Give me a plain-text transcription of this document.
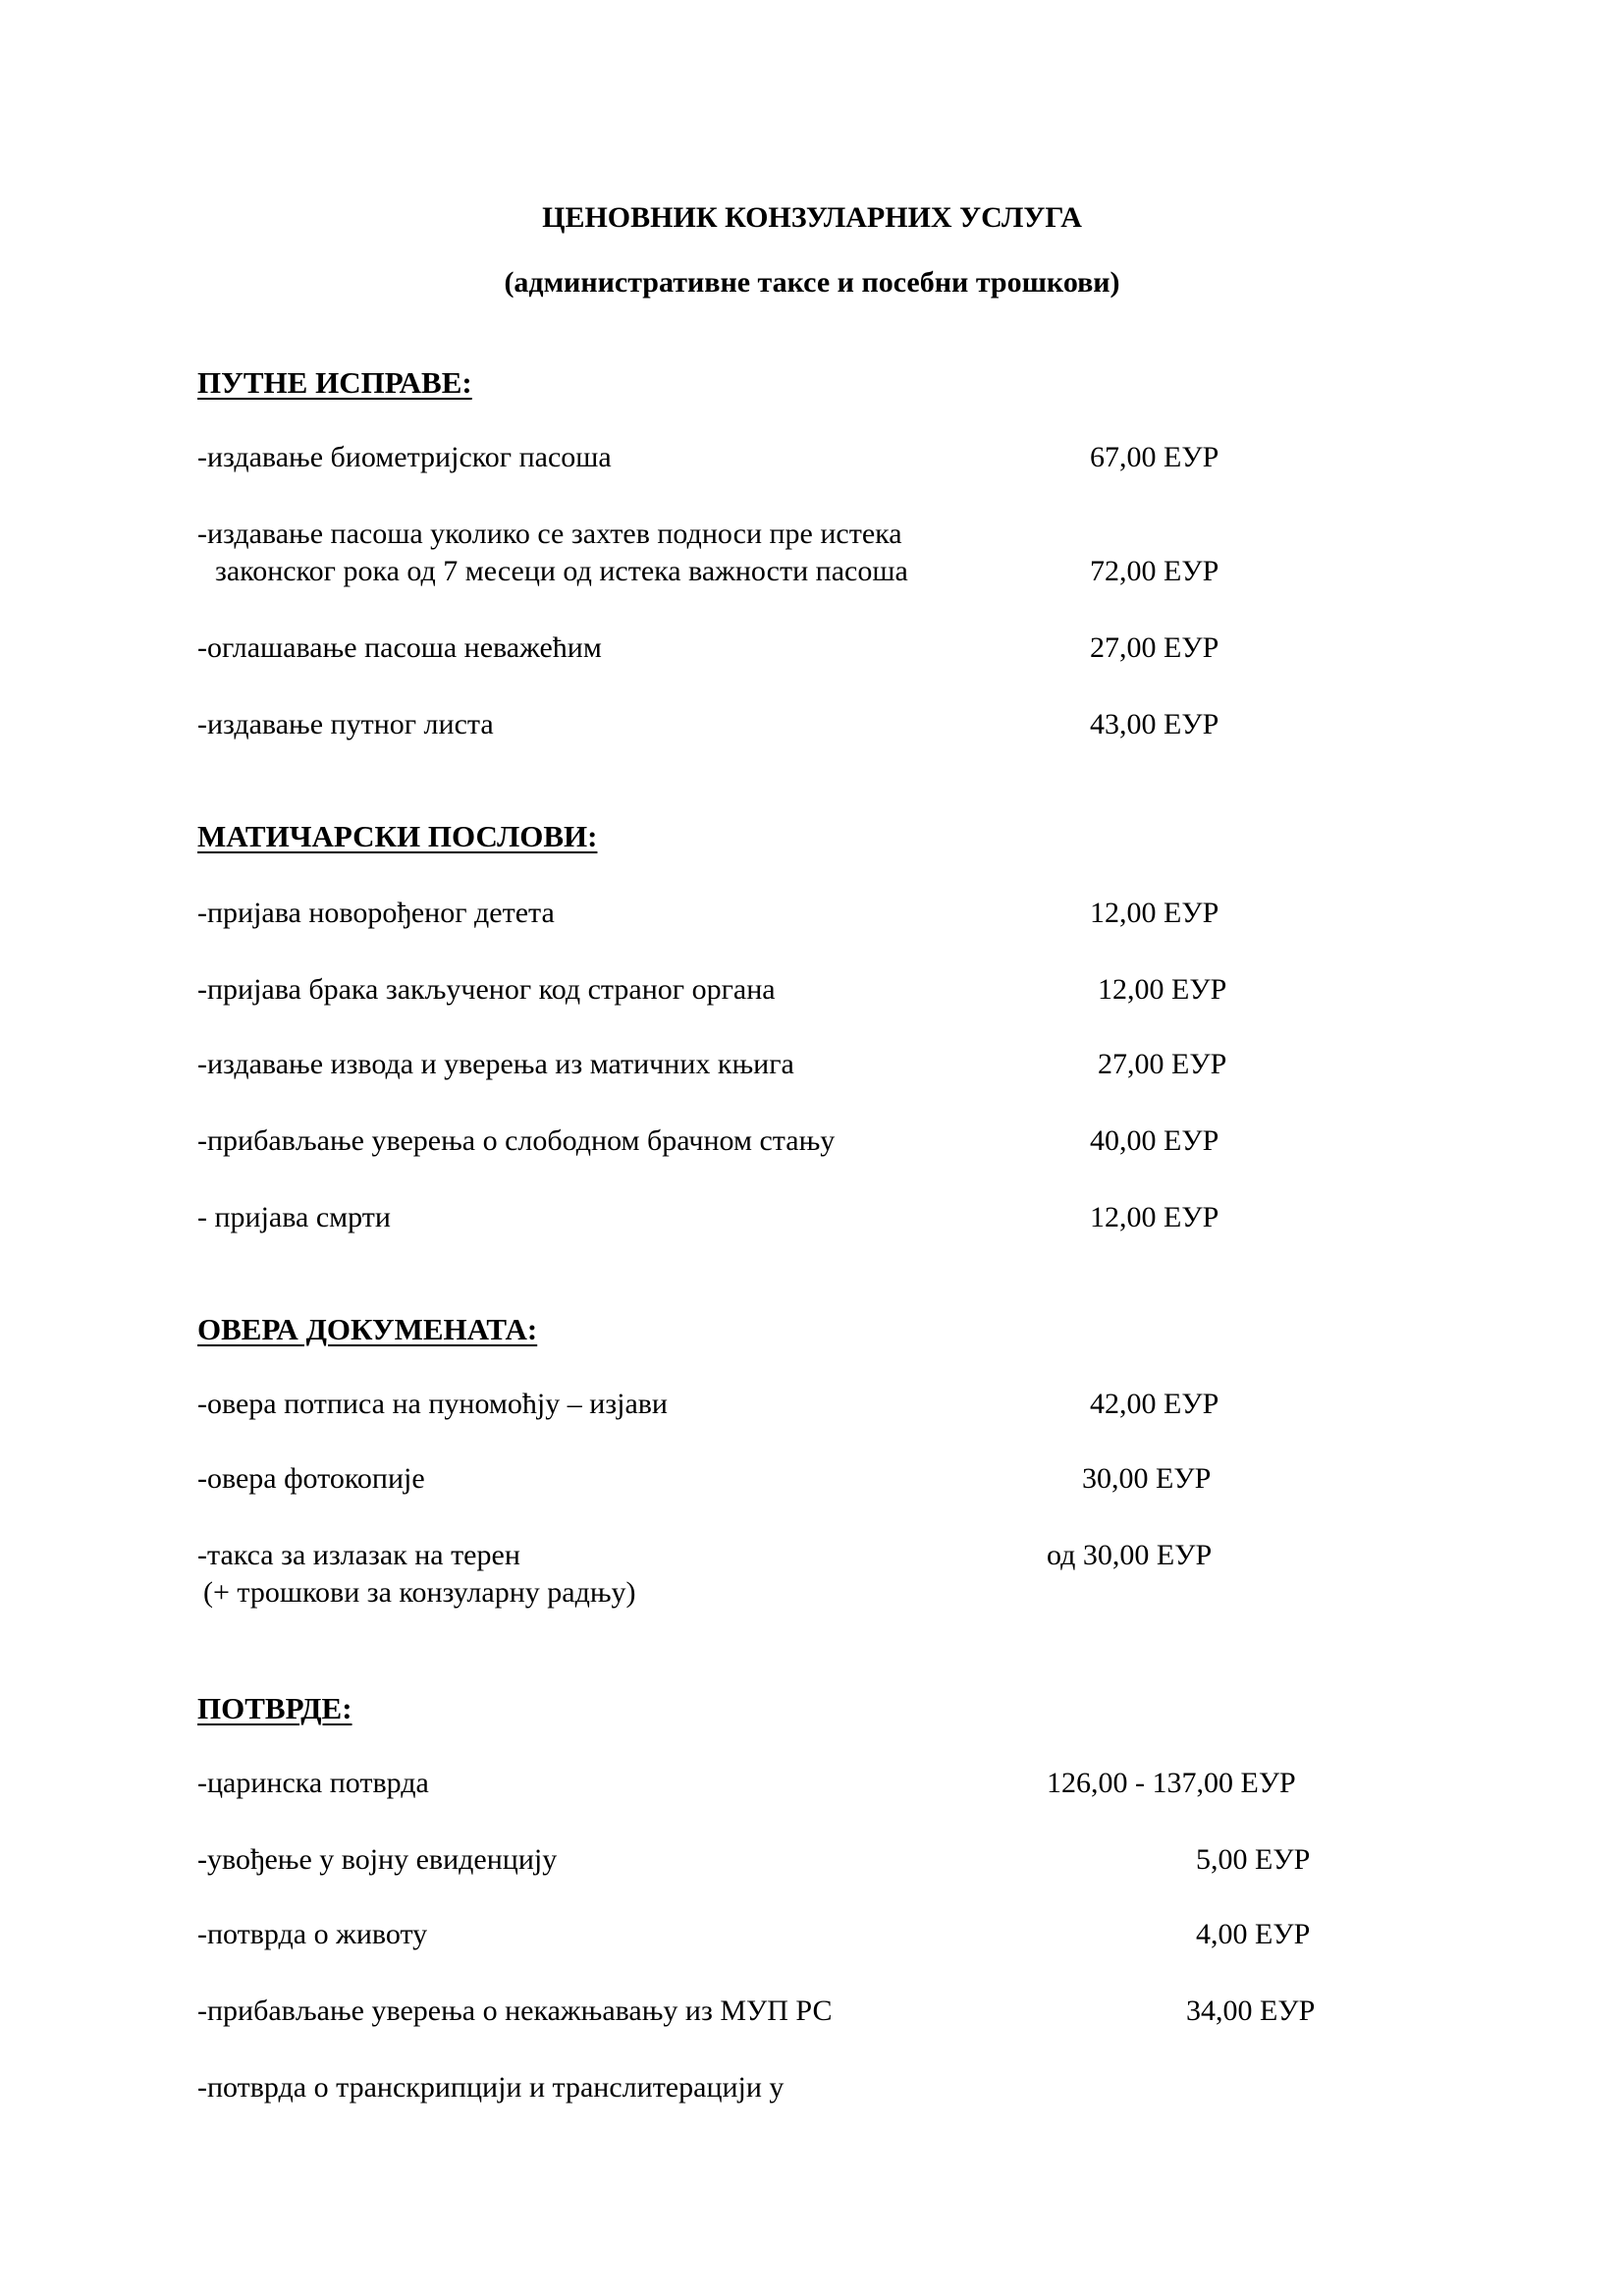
ЦЕНОВНИК КОНЗУЛАРНИХ УСЛУГА
(административне таксе и посебни трошкови)
ПУТНЕ ИСПРАВЕ:
-издавање биометријског пасоша	67,00 ЕУР
-издавање пасоша уколико се захтев подноси пре истека
законског рока од 7 месеци од истека важности пасоша	72,00 ЕУР
-оглашавање пасоша неважећим	27,00 ЕУР
-издавање путног листа	43,00 ЕУР
МАТИЧАРСКИ ПОСЛОВИ:
-пријава новорођеног детета	12,00 ЕУР
-пријава брака закљученог код страног органа	12,00 ЕУР
-издавање извода и уверења из матичних књига	27,00 ЕУР
-прибављање уверења о слободном брачном стању	40,00 ЕУР
- пријава смрти	12,00 ЕУР
ОВЕРА ДОКУМЕНАТА:
-овера потписа на пуномоћју – изјави	42,00 ЕУР
-овера фотокопије	30,00 ЕУР
-такса за излазак на терен	од 30,00 ЕУР
(+ трошкови за конзуларну радњу)
ПОТВРДЕ:
-царинска потврда	126,00 - 137,00 ЕУР
-увођење у војну евиденцију	5,00 ЕУР
-потврда о животу	4,00 ЕУР
-прибављање уверења о некажњавању из МУП РС	34,00 ЕУР
-потврда о транскрипцији и транслитерацији у
